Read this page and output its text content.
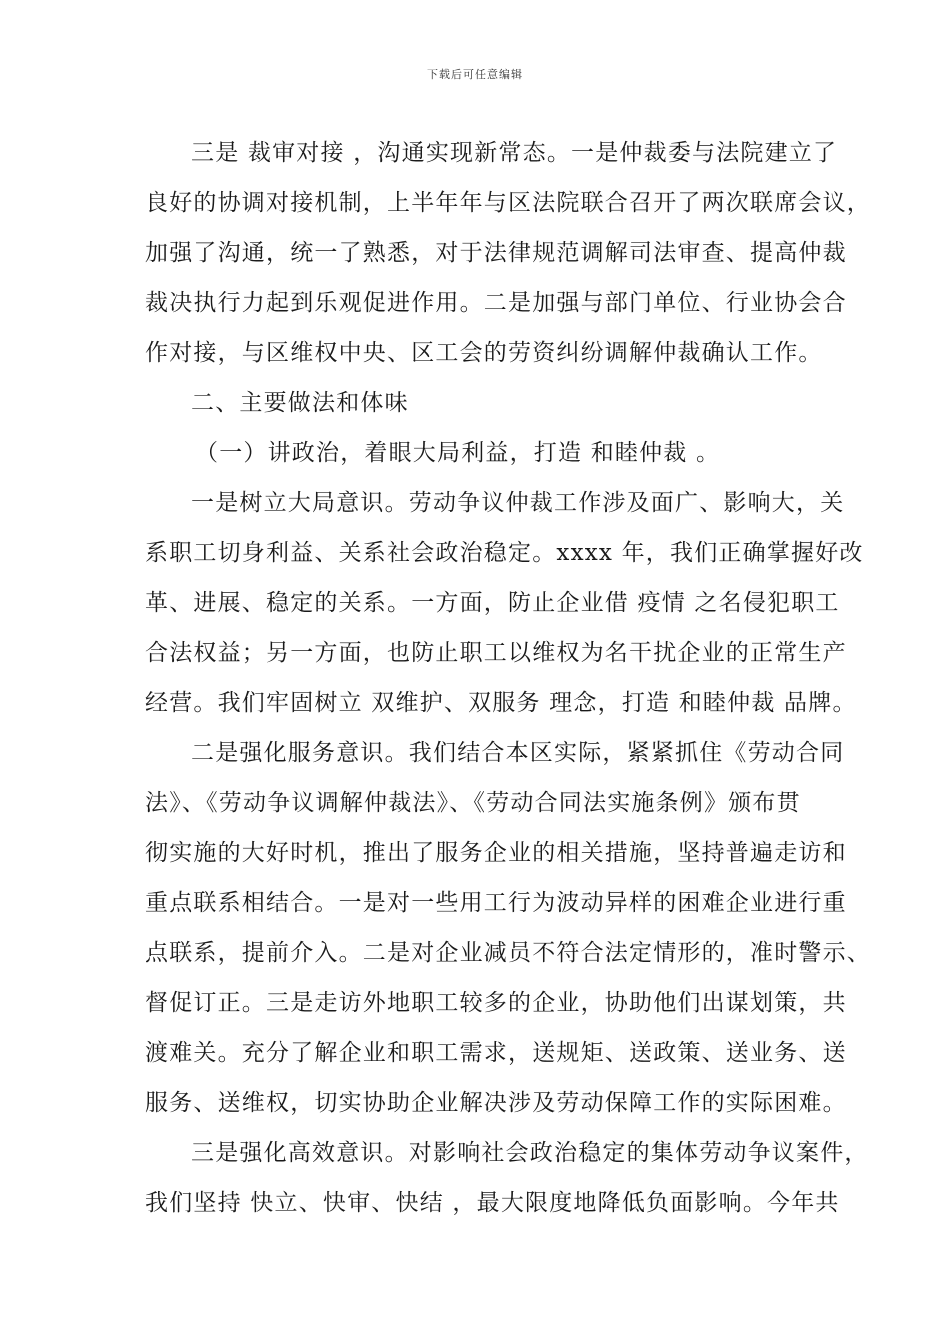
下载后可任意编辑
三是 裁审对接 ，沟通实现新常态。一是仲裁委与法院建立了
良好的协调对接机制，上半年年与区法院联合召开了两次联席会议，
加强了沟通，统一了熟悉，对于法律规范调解司法审查、提高仲裁
裁决执行力起到乐观促进作用。二是加强与部门单位、行业协会合
作对接，与区维权中央、区工会的劳资纠纷调解仲裁确认工作。
二、主要做法和体味
（一）讲政治，着眼大局利益，打造 和睦仲裁 。
一是树立大局意识。劳动争议仲裁工作涉及面广、影响大，关
系职工切身利益、关系社会政治稳定。xxxx 年，我们正确掌握好改
革、进展、稳定的关系。一方面，防止企业借 疫情 之名侵犯职工
合法权益；另一方面，也防止职工以维权为名干扰企业的正常生产
经营。我们牢固树立 双维护、双服务 理念，打造 和睦仲裁 品牌。
二是强化服务意识。我们结合本区实际，紧紧抓住《劳动合同
法》、《劳动争议调解仲裁法》、《劳动合同法实施条例》颁布贯
彻实施的大好时机，推出了服务企业的相关措施，坚持普遍走访和
重点联系相结合。一是对一些用工行为波动异样的困难企业进行重
点联系，提前介入。二是对企业减员不符合法定情形的，准时警示、
督促订正。三是走访外地职工较多的企业，协助他们出谋划策，共
渡难关。充分了解企业和职工需求，送规矩、送政策、送业务、送
服务、送维权，切实协助企业解决涉及劳动保障工作的实际困难。
三是强化高效意识。对影响社会政治稳定的集体劳动争议案件，
我们坚持 快立、快审、快结 ，最大限度地降低负面影响。今年共
